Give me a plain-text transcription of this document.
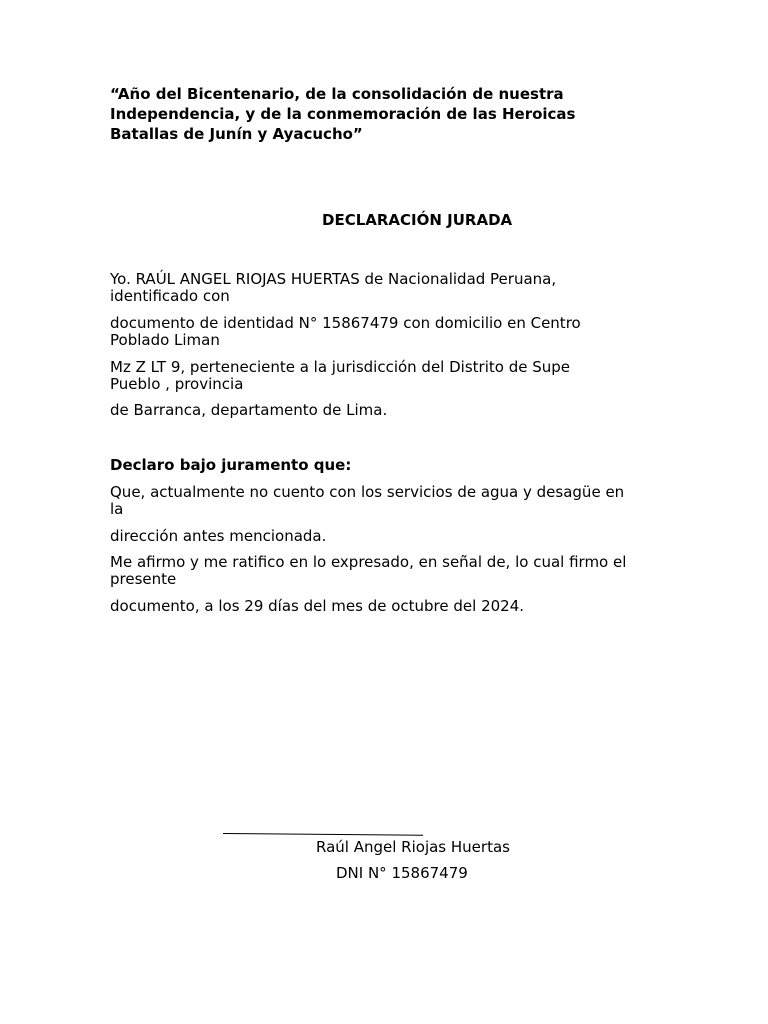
“Año del Bicentenario, de la consolidación de nuestra

Independencia, y de la conmemoración de las Heroicas

Batallas de Junín y Ayacucho”

DECLARACIÓN JURADA

Yo. RAÚL ANGEL RIOJAS HUERTAS de Nacionalidad Peruana,

identificado con

documento de identidad N° 15867479 con domicilio en Centro

Poblado Liman

Mz Z LT 9, perteneciente a la jurisdicción del Distrito de Supe

Pueblo , provincia

de Barranca, departamento de Lima.

Declaro bajo juramento que:

Que, actualmente no cuento con los servicios de agua y desagüe en

la

dirección antes mencionada.

Me afirmo y me ratifico en lo expresado, en señal de, lo cual firmo el

presente

documento, a los 29 días del mes de octubre del 2024.

Raúl Angel Riojas Huertas

DNI N° 15867479
